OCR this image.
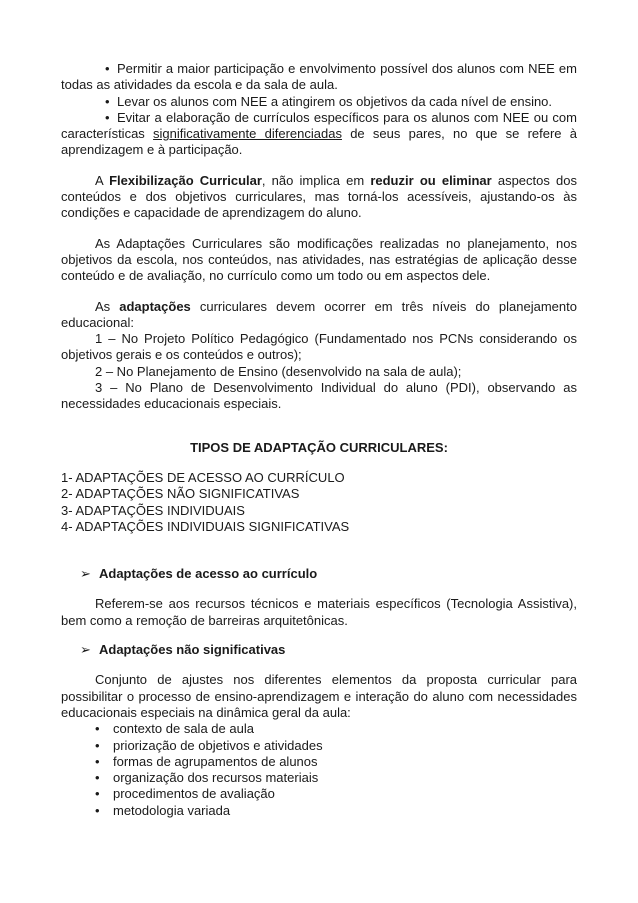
• Permitir a maior participação e envolvimento possível dos alunos com NEE em todas as atividades da escola e da sala de aula.

• Levar os alunos com NEE a atingirem os objetivos da cada nível de ensino.

• Evitar a elaboração de currículos específicos para os alunos com NEE ou com características significativamente diferenciadas de seus pares, no que se refere à aprendizagem e à participação.

A Flexibilização Curricular, não implica em reduzir ou eliminar aspectos dos conteúdos e dos objetivos curriculares, mas torná-los acessíveis, ajustando-os às condições e capacidade de aprendizagem do aluno.

As Adaptações Curriculares são modificações realizadas no planejamento, nos objetivos da escola, nos conteúdos, nas atividades, nas estratégias de aplicação desse conteúdo e de avaliação, no currículo como um todo ou em aspectos dele.

As adaptações curriculares devem ocorrer em três níveis do planejamento educacional:

1 – No Projeto Político Pedagógico (Fundamentado nos PCNs considerando os objetivos gerais e os conteúdos e outros);

2 – No Planejamento de Ensino (desenvolvido na sala de aula);

3 – No Plano de Desenvolvimento Individual do aluno (PDI), observando as necessidades educacionais especiais.

TIPOS DE ADAPTAÇÃO CURRICULARES:

1- ADAPTAÇÕES DE ACESSO AO CURRÍCULO

2- ADAPTAÇÕES NÃO SIGNIFICATIVAS

3- ADAPTAÇÕES INDIVIDUAIS

4- ADAPTAÇÕES INDIVIDUAIS SIGNIFICATIVAS

➢ Adaptações de acesso ao currículo

Referem-se aos recursos técnicos e materiais específicos (Tecnologia Assistiva), bem como a remoção de barreiras arquitetônicas.

➢ Adaptações não significativas

Conjunto de ajustes nos diferentes elementos da proposta curricular para possibilitar o processo de ensino-aprendizagem e interação do aluno com necessidades educacionais especiais na dinâmica geral da aula:

• contexto de sala de aula

• priorização de objetivos e atividades

• formas de agrupamentos de alunos

• organização dos recursos materiais

• procedimentos de avaliação

• metodologia variada
